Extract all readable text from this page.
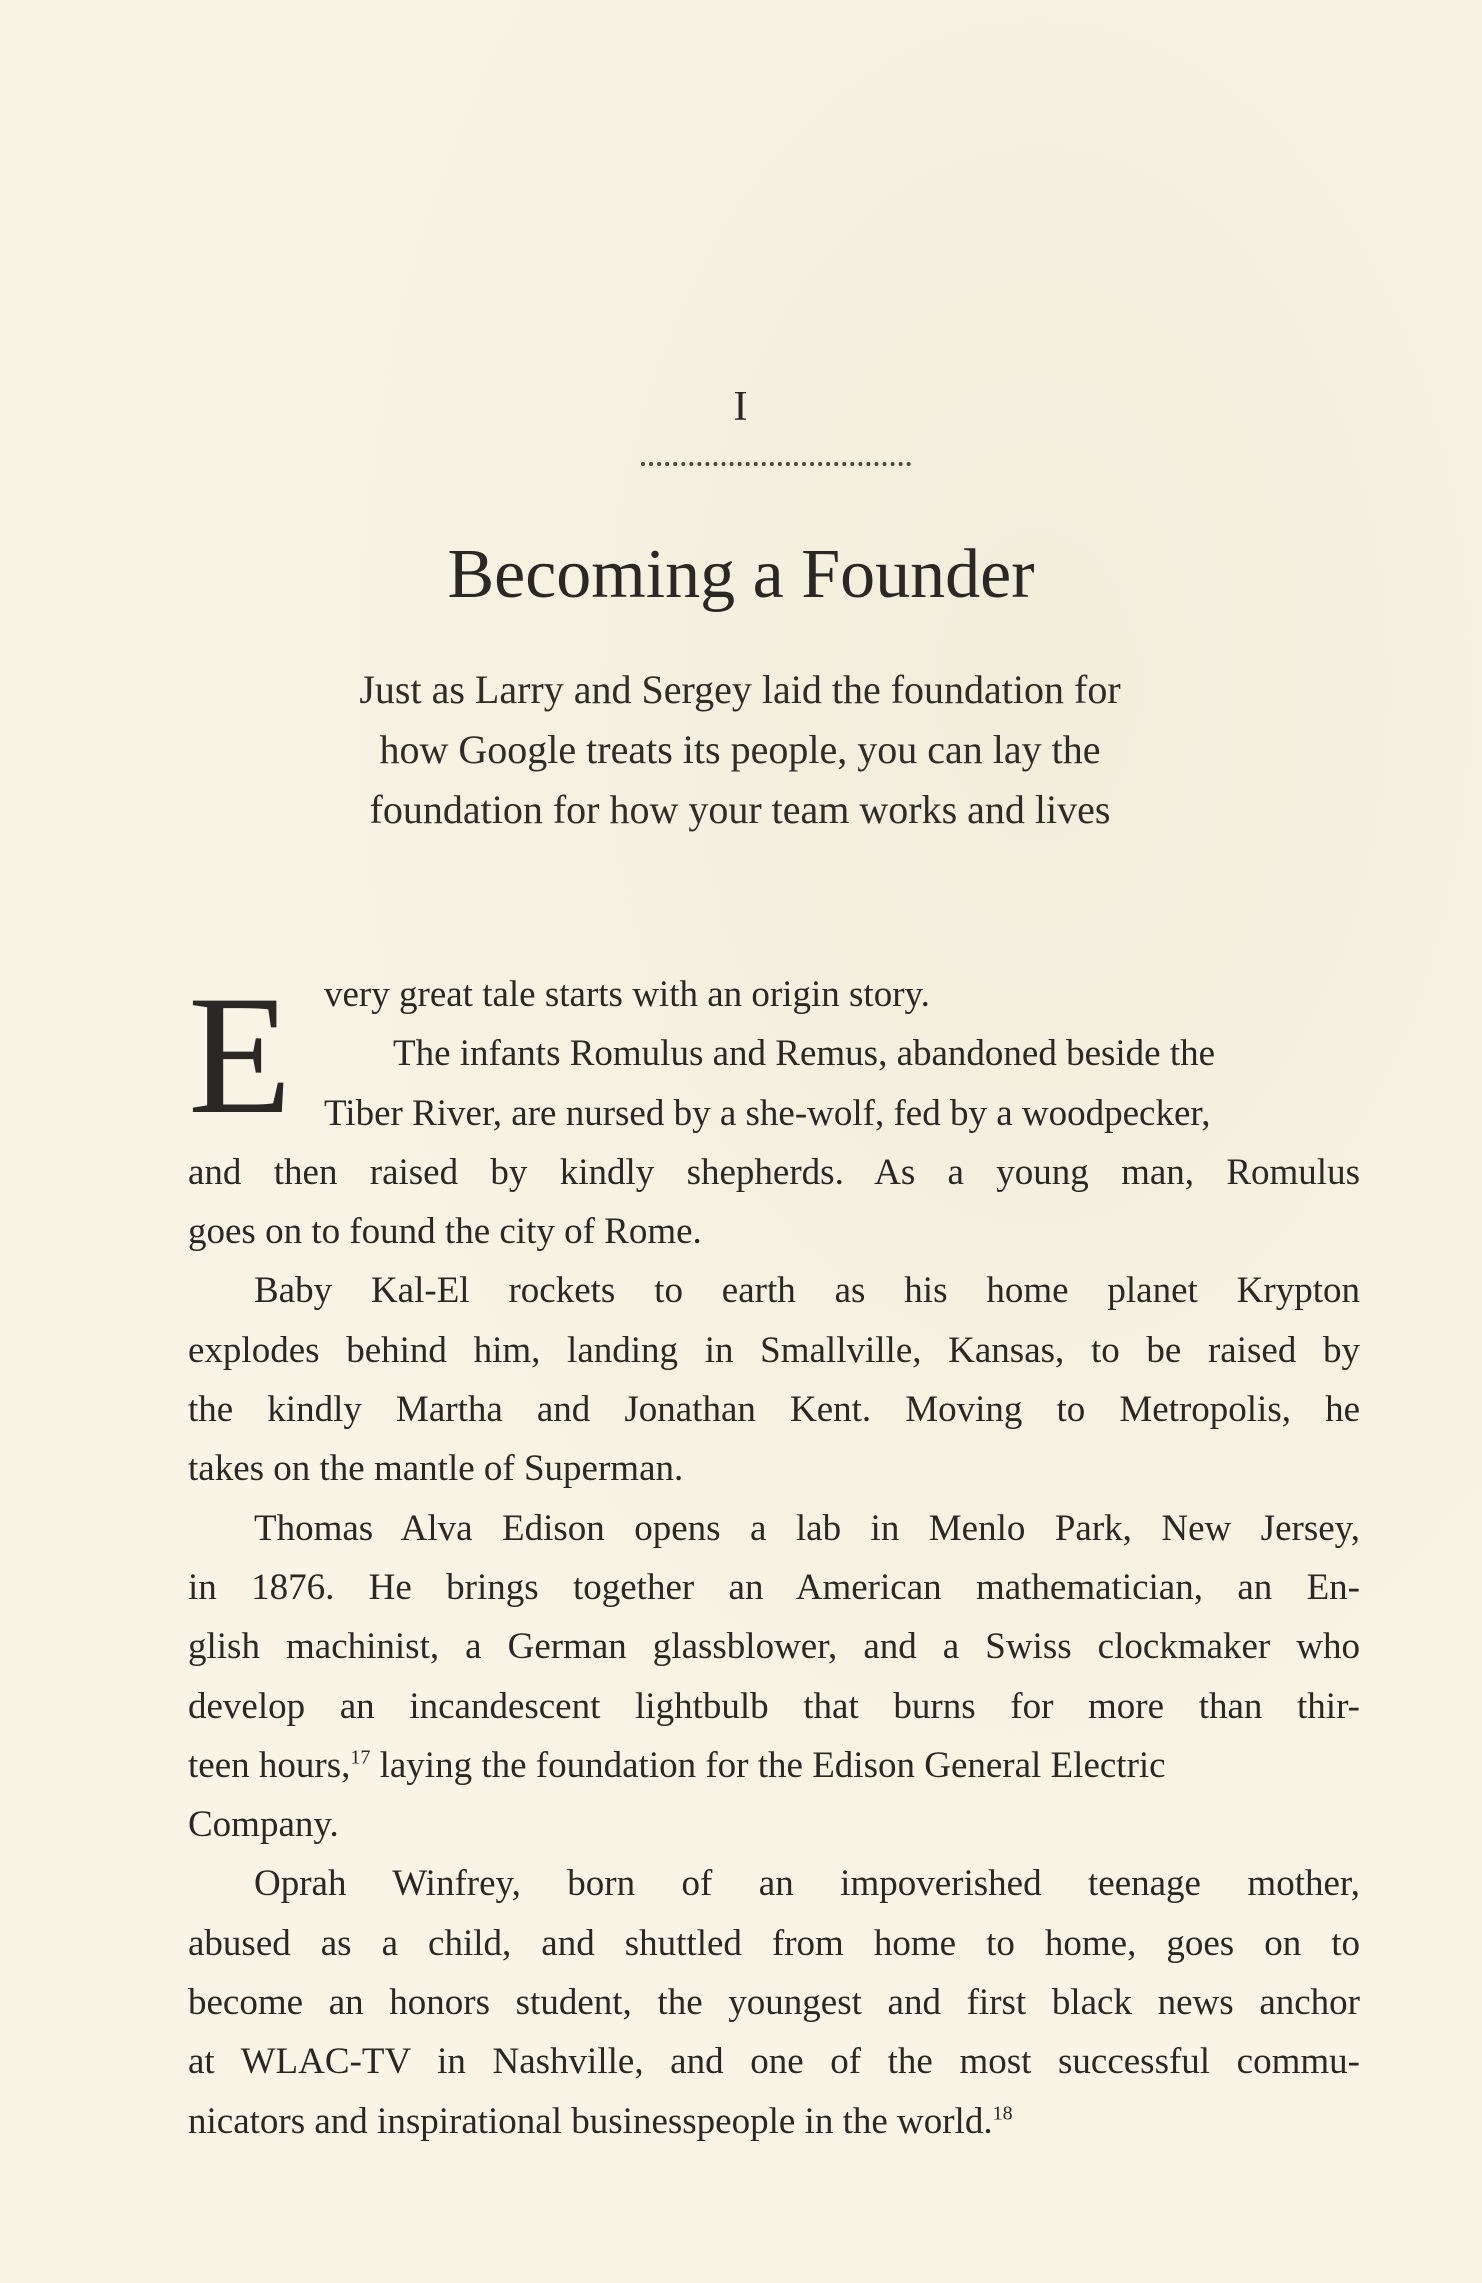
I
Becoming a Founder
Just as Larry and Sergey laid the foundation for
how Google treats its people, you can lay the
foundation for how your team works and lives
E very great tale starts with an origin story.
The infants Romulus and Remus, abandoned beside the
Tiber River, are nursed by a she-wolf, fed by a woodpecker,
and then raised by kindly shepherds. As a young man, Romulus
goes on to found the city of Rome.
Baby Kal-El rockets to earth as his home planet Krypton
explodes behind him, landing in Smallville, Kansas, to be raised by
the kindly Martha and Jonathan Kent. Moving to Metropolis, he
takes on the mantle of Superman.
Thomas Alva Edison opens a lab in Menlo Park, New Jersey,
in 1876. He brings together an American mathematician, an En-
glish machinist, a German glassblower, and a Swiss clockmaker who
develop an incandescent lightbulb that burns for more than thir-
teen hours,$^{17}$ laying the foundation for the Edison General Electric
Company.
Oprah Winfrey, born of an impoverished teenage mother,
abused as a child, and shuttled from home to home, goes on to
become an honors student, the youngest and first black news anchor
at WLAC-TV in Nashville, and one of the most successful commu-
nicators and inspirational businesspeople in the world.$^{18}$
